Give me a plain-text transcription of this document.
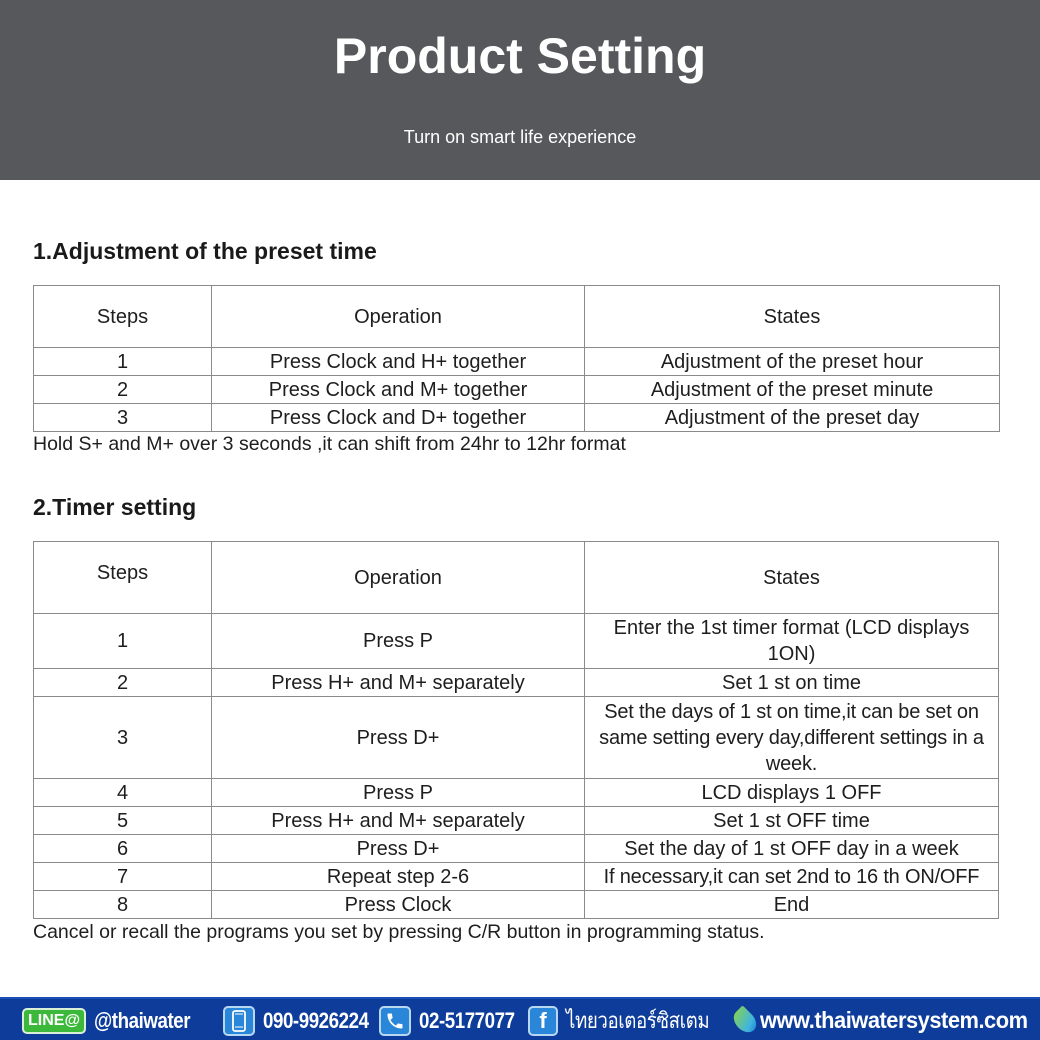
Product Setting
Turn on smart life experience
1.Adjustment of the preset time
Steps	Operation	States
1	Press Clock and H+ together	Adjustment of the preset hour
2	Press Clock and M+ together	Adjustment of the preset minute
3	Press Clock and D+ together	Adjustment of the preset day
Hold S+ and M+ over 3 seconds ,it can shift from 24hr to 12hr format
2.Timer setting
Steps	Operation	States
1	Press P	Enter the 1st timer format (LCD displays 1ON)
2	Press H+ and M+ separately	Set 1 st on time
3	Press D+	Set the days of 1 st on time,it can be set on same setting every day,different settings in a week.
4	Press P	LCD displays 1 OFF
5	Press H+ and M+ separately	Set 1 st OFF time
6	Press D+	Set the day of 1 st OFF day in a week
7	Repeat step 2-6	If necessary,it can set 2nd to 16 th ON/OFF
8	Press Clock	End
Cancel or recall the programs you set by pressing C/R button in programming status.
LINE@ @thaiwater	090-9926224 02-5177077	f ไทยวอเตอร์ซิสเตม www.thaiwatersystem.com
